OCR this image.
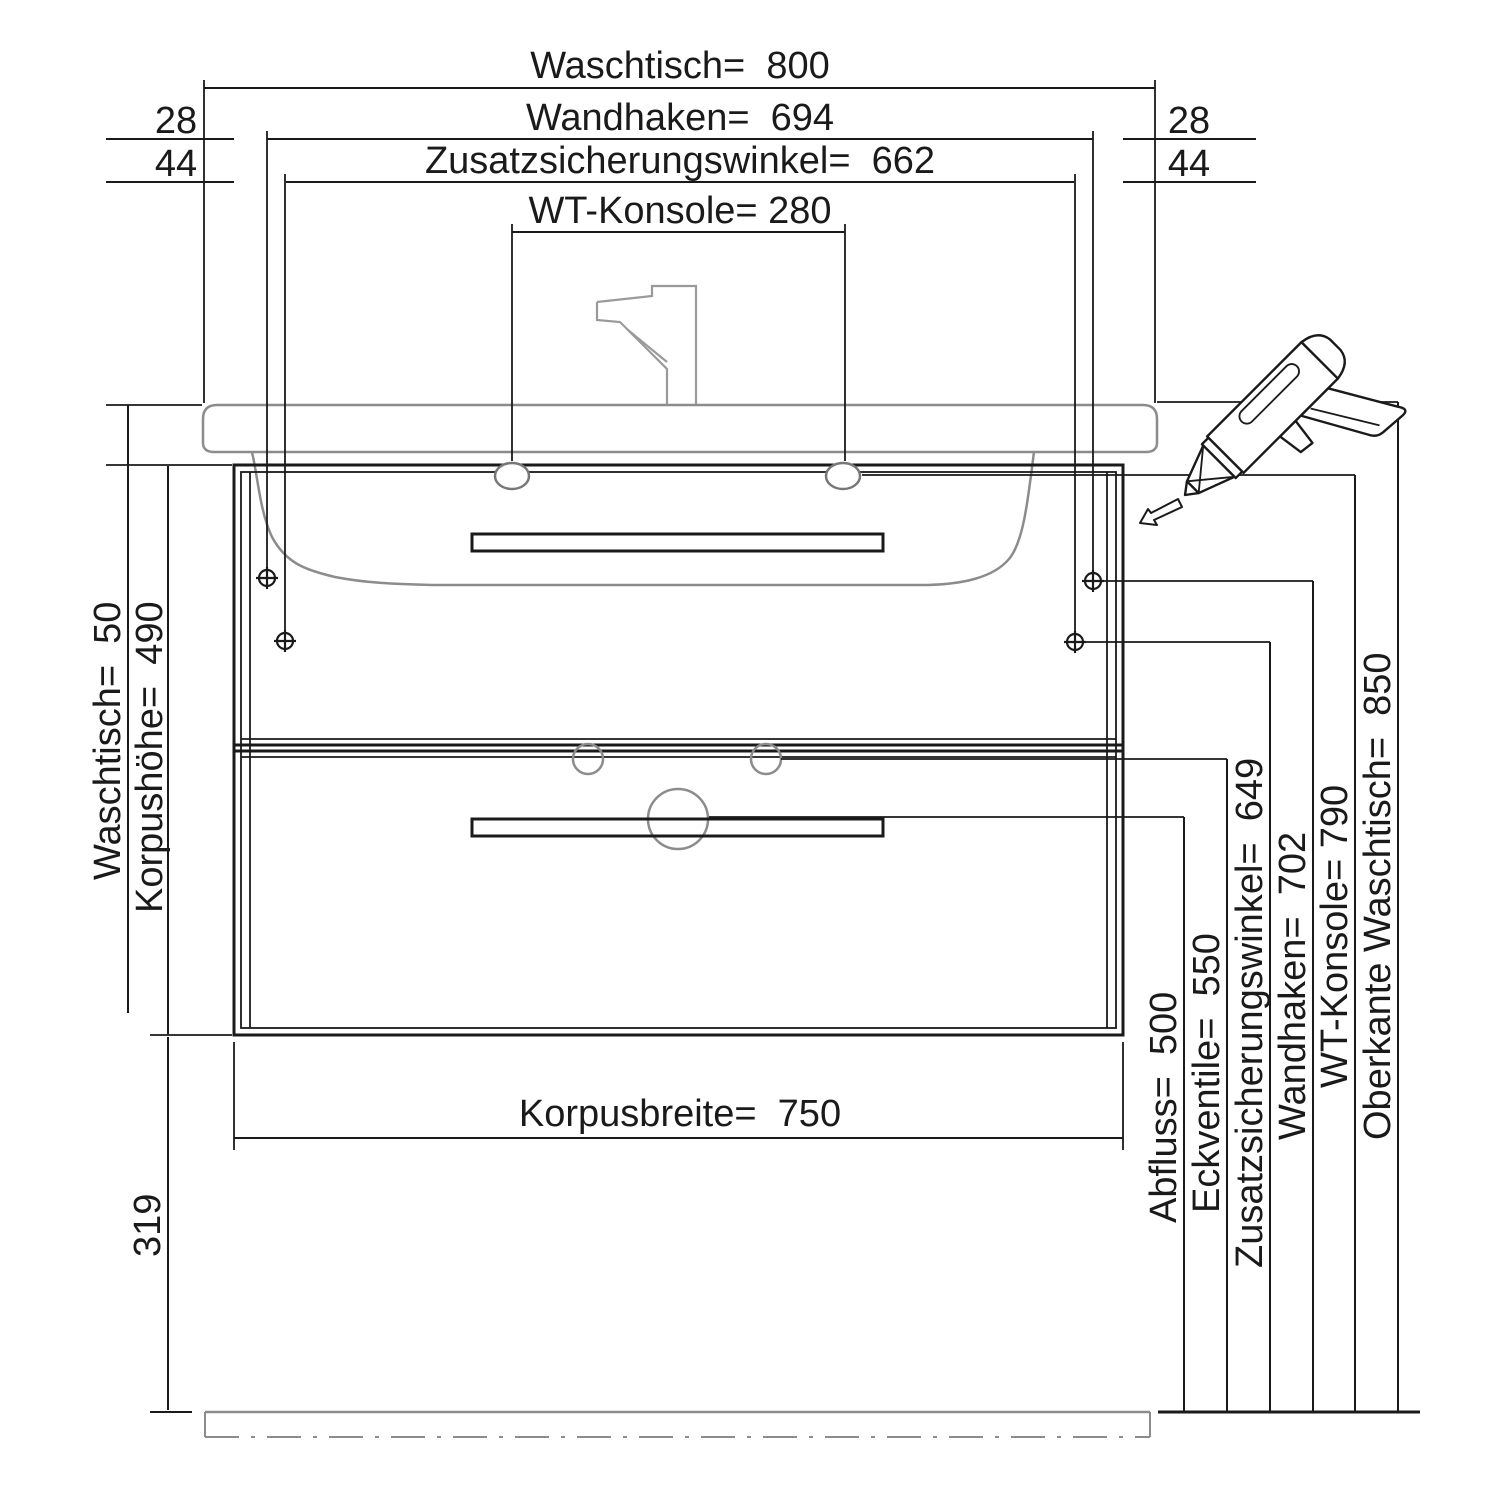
Waschtisch=  800
Wandhaken=  694
Zusatzsicherungswinkel=  662
WT-Konsole= 280
28	28
44	44
Korpusbreite=  750
Waschtisch=  50 Korpushöhe=  490
319
Abfluss=  500 Eckventile=  550 Zusatzsicherungswinkel=  649 Wandhaken=  702 WT-Konsole= 790 Oberkante Waschtisch=  850
